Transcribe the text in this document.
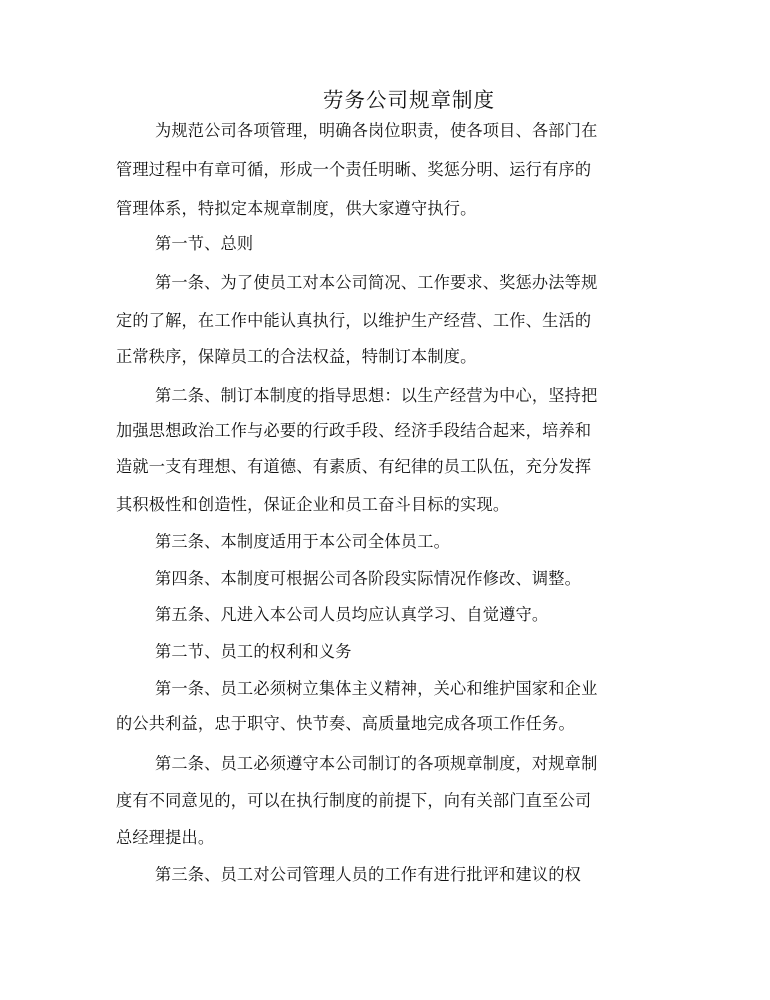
劳务公司规章制度
为规范公司各项管理，明确各岗位职责，使各项目、各部门在
管理过程中有章可循，形成一个责任明晰、奖惩分明、运行有序的
管理体系，特拟定本规章制度，供大家遵守执行。
第一节、总则
第一条、为了使员工对本公司简况、工作要求、奖惩办法等规
定的了解，在工作中能认真执行，以维护生产经营、工作、生活的
正常秩序，保障员工的合法权益，特制订本制度。
第二条、制订本制度的指导思想：以生产经营为中心，坚持把
加强思想政治工作与必要的行政手段、经济手段结合起来，培养和
造就一支有理想、有道德、有素质、有纪律的员工队伍，充分发挥
其积极性和创造性，保证企业和员工奋斗目标的实现。
第三条、本制度适用于本公司全体员工。
第四条、本制度可根据公司各阶段实际情况作修改、调整。
第五条、凡进入本公司人员均应认真学习、自觉遵守。
第二节、员工的权利和义务
第一条、员工必须树立集体主义精神，关心和维护国家和企业
的公共利益，忠于职守、快节奏、高质量地完成各项工作任务。
第二条、员工必须遵守本公司制订的各项规章制度，对规章制
度有不同意见的，可以在执行制度的前提下，向有关部门直至公司
总经理提出。
第三条、员工对公司管理人员的工作有进行批评和建议的权
